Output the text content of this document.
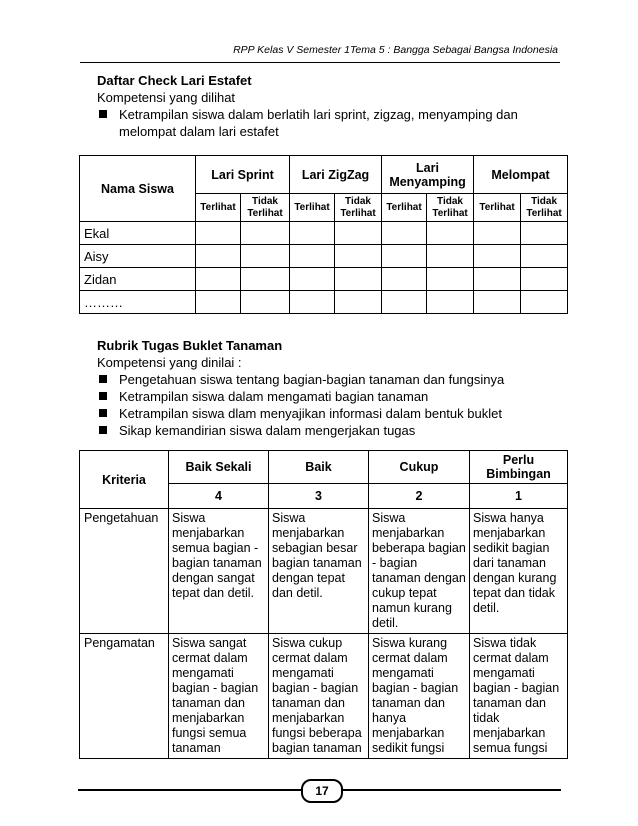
RPP Kelas V Semester 1Tema 5 : Bangga Sebagai Bangsa Indonesia
Daftar Check Lari Estafet
Kompetensi yang dilihat
Ketrampilan siswa dalam berlatih lari sprint, zigzag, menyamping dan melompat dalam lari estafet
Nama Siswa	Lari Sprint		Lari ZigZag		Lari Menyamping		Melompat	
	Terlihat	Tidak Terlihat	Terlihat	Tidak Terlihat	Terlihat	Tidak Terlihat	Terlihat	Tidak Terlihat
Ekal								
Aisy								
Zidan								
………								
Rubrik Tugas Buklet Tanaman
Kompetensi yang dinilai :
Pengetahuan siswa tentang bagian-bagian tanaman dan fungsinya
Ketrampilan siswa dalam mengamati bagian tanaman
Ketrampilan siswa dlam menyajikan informasi dalam bentuk buklet
Sikap kemandirian siswa dalam mengerjakan tugas
Kriteria	Baik Sekali	Baik	Cukup	Perlu Bimbingan
	4	3	2	1
Pengetahuan	Siswa menjabarkan semua bagian - bagian tanaman dengan sangat tepat dan detil.	Siswa menjabarkan sebagian besar bagian tanaman dengan tepat dan detil.	Siswa menjabarkan beberapa bagian - bagian tanaman dengan cukup tepat namun kurang detil.	Siswa hanya menjabarkan sedikit bagian dari tanaman dengan kurang tepat dan tidak detil.
Pengamatan	Siswa sangat cermat dalam mengamati bagian - bagian tanaman dan menjabarkan fungsi semua tanaman	Siswa cukup cermat dalam mengamati bagian - bagian tanaman dan menjabarkan fungsi beberapa bagian tanaman	Siswa kurang cermat dalam mengamati bagian - bagian tanaman dan hanya menjabarkan sedikit fungsi	Siswa tidak cermat dalam mengamati bagian - bagian tanaman dan tidak menjabarkan semua fungsi
17
